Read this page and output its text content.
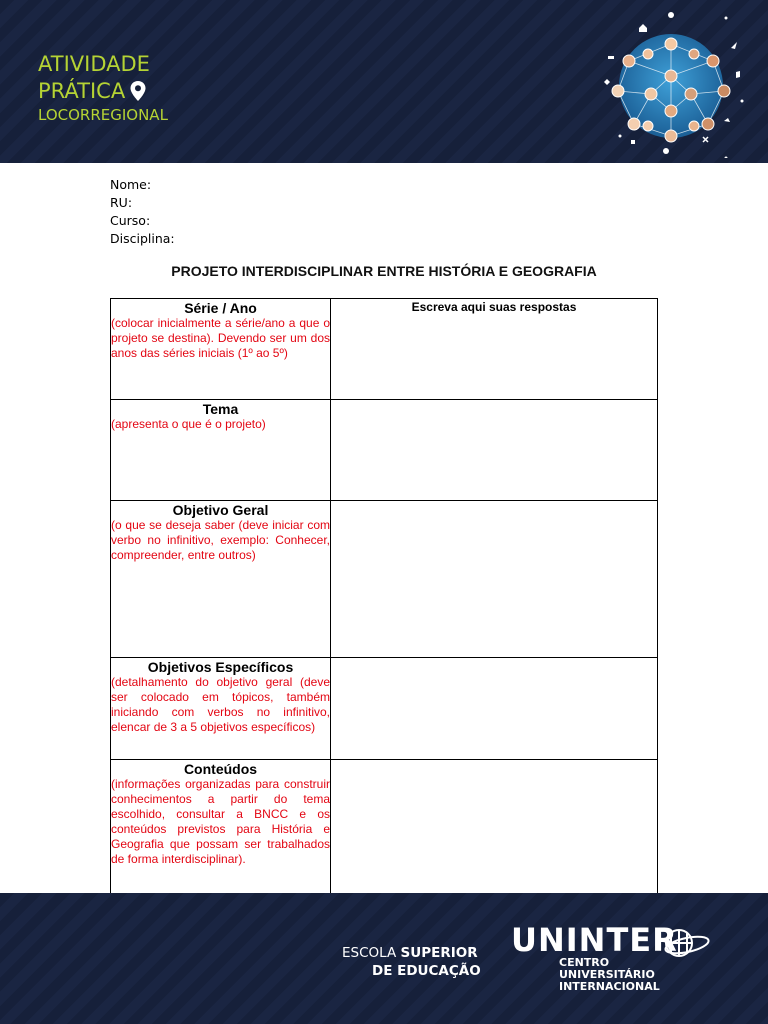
ATIVIDADE
PRÁTICA
LOCORREGIONAL
Nome:
RU:
Curso:
Disciplina:
PROJETO INTERDISCIPLINAR ENTRE HISTÓRIA E GEOGRAFIA
Série / Ano
(colocar inicialmente a série/ano a que o projeto se destina). Devendo ser um dos anos das séries iniciais (1º ao 5º)	Escreva aqui suas respostas

Tema
(apresenta o que é o projeto)	

Objetivo Geral
(o que se deseja saber (deve iniciar com verbo no infinitivo, exemplo: Conhecer, compreender, entre outros)	

Objetivos Específicos
(detalhamento do objetivo geral (deve ser colocado em tópicos, também iniciando com verbos no infinitivo, elencar de 3 a 5 objetivos específicos)	

Conteúdos
(informações organizadas para construir conhecimentos a partir do tema escolhido, consultar a BNCC e os conteúdos previstos para História e Geografia que possam ser trabalhados de forma interdisciplinar).	

ESCOLA SUPERIOR
DE EDUCAÇÃO
UNINTER
CENTRO
UNIVERSITÁRIO
INTERNACIONAL
